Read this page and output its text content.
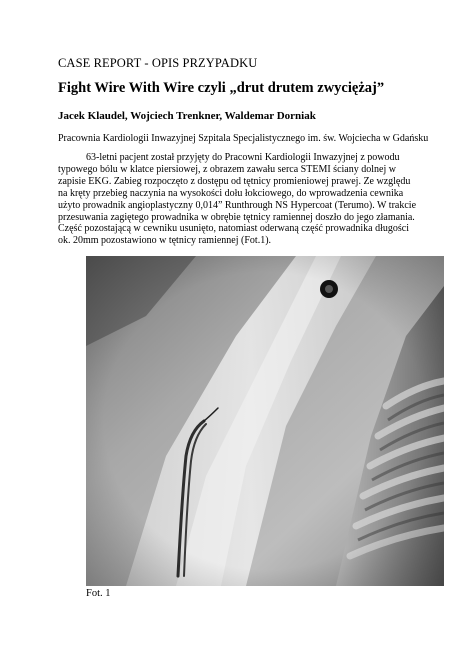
CASE REPORT - OPIS PRZYPADKU
Fight Wire With Wire czyli „drut drutem zwyciężaj”
Jacek Klaudel, Wojciech Trenkner, Waldemar Dorniak
Pracownia Kardiologii Inwazyjnej Szpitala Specjalistycznego im. św. Wojciecha w Gdańsku

63-letni pacjent został przyjęty do Pracowni Kardiologii Inwazyjnej z powodu typowego bólu w klatce piersiowej, z obrazem zawału serca STEMI ściany dolnej w zapisie EKG. Zabieg rozpoczęto z dostępu od tętnicy promieniowej prawej. Ze względu na kręty przebieg naczynia na wysokości dołu łokciowego, do wprowadzenia cewnika użyto prowadnik angioplastyczny 0,014” Runthrough NS Hypercoat (Terumo). W trakcie przesuwania zagiętego prowadnika w obrębie tętnicy ramiennej doszło do jego złamania. Część pozostającą w cewniku usunięto, natomiast oderwaną część prowadnika długości ok. 20mm pozostawiono w tętnicy ramiennej (Fot.1).

Fot. 1
